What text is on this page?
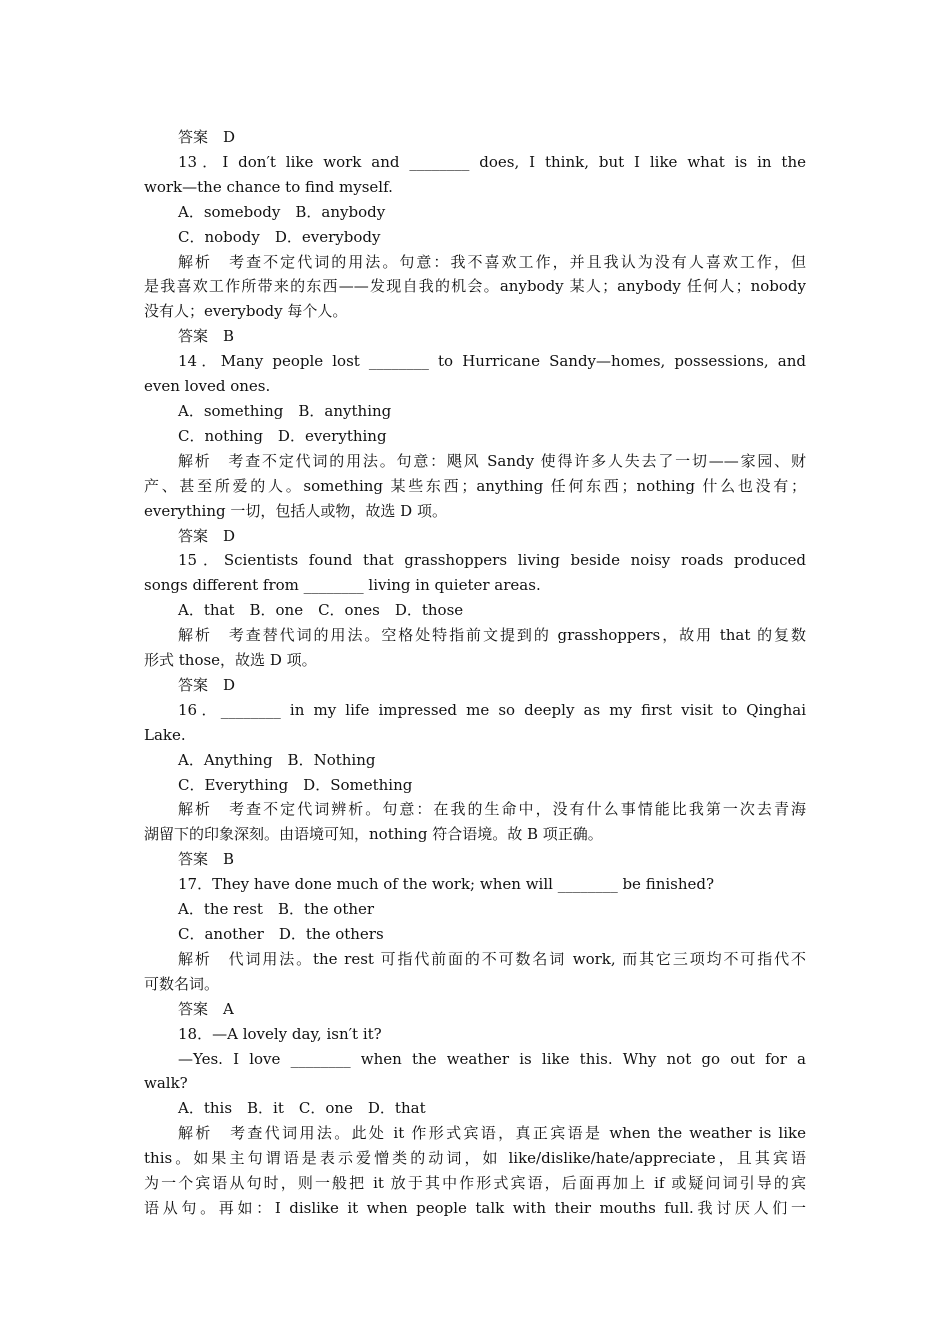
答案　D
13．I don′t like work and ________ does, I think, but I like what is in the
work—the chance to find myself.
A．somebody　B．anybody
C．nobody　D．everybody
解析　考查不定代词的用法。句意：我不喜欢工作，并且我认为没有人喜欢工作，但
是我喜欢工作所带来的东西——发现自我的机会。anybody 某人；anybody 任何人；nobody
没有人；everybody 每个人。
答案　B
14．Many people lost ________ to Hurricane Sandy—homes, possessions, and
even loved ones.
A．something　B．anything
C．nothing　D．everything
解析　考查不定代词的用法。句意：飓风 Sandy 使得许多人失去了一切——家园、财
产、甚至所爱的人。something 某些东西；anything 任何东西；nothing 什么也没有；
everything 一切，包括人或物，故选 D 项。
答案　D
15．Scientists found that grasshoppers living beside noisy roads produced
songs different from ________ living in quieter areas.
A．that　B．one　C．ones　D．those
解析　考查替代词的用法。空格处特指前文提到的 grasshoppers，故用 that 的复数
形式 those，故选 D 项。
答案　D
16．________ in my life impressed me so deeply as my first visit to Qinghai
Lake.
A．Anything　B．Nothing
C．Everything　D．Something
解析　考查不定代词辨析。句意：在我的生命中，没有什么事情能比我第一次去青海
湖留下的印象深刻。由语境可知，nothing 符合语境。故 B 项正确。
答案　B
17．They have done much of the work; when will ________ be finished?
A．the rest　B．the other
C．another　D．the others
解析　代词用法。the rest 可指代前面的不可数名词 work, 而其它三项均不可指代不
可数名词。
答案　A
18．—A lovely day, isn′t it?
—Yes. I love ________ when the weather is like this. Why not go out for a
walk?
A．this　B．it　C．one　D．that
解析　考查代词用法。此处 it 作形式宾语，真正宾语是 when the weather is like
this。如果主句谓语是表示爱憎类的动词，如 like/dislike/hate/appreciate，且其宾语
为一个宾语从句时，则一般把 it 放于其中作形式宾语，后面再加上 if 或疑问词引导的宾
语从句。再如：I dislike it when people talk with their mouths full.我讨厌人们一
